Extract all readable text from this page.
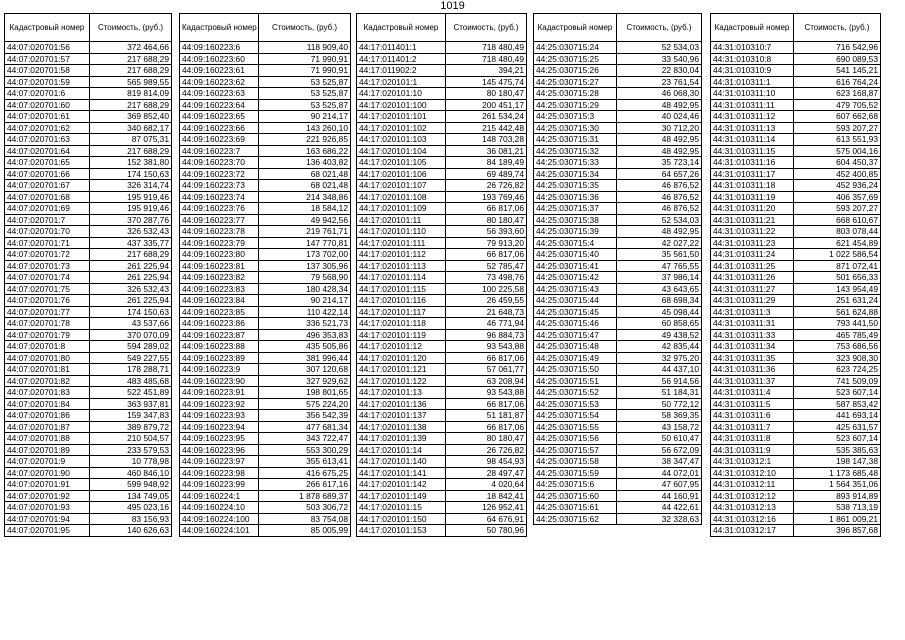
1019
Кадастровый номер	Стоимость, (руб.)
44:07:020701:56	372 464,66
44:07:020701:57	217 688,29
44:07:020701:58	217 688,29
44:07:020701:59	565 989,55
44:07:020701:6	819 814,09
44:07:020701:60	217 688,29
44:07:020701:61	369 852,40
44:07:020701:62	340 682,17
44:07:020701:63	87 075,31
44:07:020701:64	217 688,29
44:07:020701:65	152 381,80
44:07:020701:66	174 150,63
44:07:020701:67	326 314,74
44:07:020701:68	195 919,46
44:07:020701:69	195 919,46
44:07:020701:7	370 287,76
44:07:020701:70	326 532,43
44:07:020701:71	437 335,77
44:07:020701:72	217 688,29
44:07:020701:73	261 225,94
44:07:020701:74	261 225,94
44:07:020701:75	326 532,43
44:07:020701:76	261 225,94
44:07:020701:77	174 150,63
44:07:020701:78	43 537,66
44:07:020701:79	370 070,09
44:07:020701:8	594 289,02
44:07:020701:80	549 227,55
44:07:020701:81	178 288,71
44:07:020701:82	483 485,68
44:07:020701:83	522 451,89
44:07:020701:84	363 937,81
44:07:020701:86	159 347,83
44:07:020701:87	389 879,72
44:07:020701:88	210 504,57
44:07:020701:89	233 579,53
44:07:020701:9	10 778,98
44:07:020701:90	460 846,10
44:07:020701:91	599 948,92
44:07:020701:92	134 749,05
44:07:020701:93	495 023,16
44:07:020701:94	83 156,93
44:07:020701:95	140 626,63
Кадастровый номер	Стоимость, (руб.)
44:09:160223:6	118 909,40
44:09:160223:60	71 990,91
44:09:160223:61	71 990,91
44:09:160223:62	53 525,87
44:09:160223:63	53 525,87
44:09:160223:64	53 525,87
44:09:160223:65	90 214,17
44:09:160223:66	143 260,10
44:09:160223:69	221 926,85
44:09:160223:7	163 686,22
44:09:160223:70	136 403,82
44:09:160223:72	68 021,48
44:09:160223:73	68 021,48
44:09:160223:74	214 348,86
44:09:160223:76	18 584,12
44:09:160223:77	49 942,56
44:09:160223:78	219 761,71
44:09:160223:79	147 770,81
44:09:160223:80	173 702,00
44:09:160223:81	137 305,96
44:09:160223:82	79 568,90
44:09:160223:83	180 428,34
44:09:160223:84	90 214,17
44:09:160223:85	110 422,14
44:09:160223:86	336 521,73
44:09:160223:87	496 353,83
44:09:160223:88	435 505,86
44:09:160223:89	381 996,44
44:09:160223:9	307 120,68
44:09:160223:90	327 929,62
44:09:160223:91	198 801,65
44:09:160223:92	575 224,20
44:09:160223:93	356 542,39
44:09:160223:94	477 681,34
44:09:160223:95	343 722,47
44:09:160223:96	553 300,29
44:09:160223:97	355 613,41
44:09:160223:98	416 675,25
44:09:160223:99	266 617,16
44:09:160224:1	1 878 689,37
44:09:160224:10	503 306,72
44:09:160224:100	83 754,08
44:09:160224:101	85 005,99
Кадастровый номер	Стоимость, (руб.)
44:17:011401:1	718 480,49
44:17:011401:2	718 480,49
44:17:011902:2	394,21
44:17:020101:1	145 475,74
44:17:020101:10	80 180,47
44:17:020101:100	200 451,17
44:17:020101:101	261 534,24
44:17:020101:102	215 442,48
44:17:020101:103	148 703,28
44:17:020101:104	36 081,21
44:17:020101:105	84 189,49
44:17:020101:106	69 489,74
44:17:020101:107	26 726,82
44:17:020101:108	193 769,46
44:17:020101:109	66 817,06
44:17:020101:11	80 180,47
44:17:020101:110	56 393,60
44:17:020101:111	79 913,20
44:17:020101:112	66 817,06
44:17:020101:113	52 785,47
44:17:020101:114	73 498,76
44:17:020101:115	100 225,58
44:17:020101:116	26 459,55
44:17:020101:117	21 648,73
44:17:020101:118	46 771,94
44:17:020101:119	96 884,73
44:17:020101:12	93 543,88
44:17:020101:120	66 817,06
44:17:020101:121	57 061,77
44:17:020101:122	63 208,94
44:17:020101:13	93 543,88
44:17:020101:136	66 817,06
44:17:020101:137	51 181,87
44:17:020101:138	66 817,06
44:17:020101:139	80 180,47
44:17:020101:14	26 726,82
44:17:020101:140	98 454,93
44:17:020101:141	28 497,47
44:17:020101:142	4 020,64
44:17:020101:149	18 842,41
44:17:020101:15	126 952,41
44:17:020101:150	64 676,91
44:17:020101:153	50 780,96
Кадастровый номер	Стоимость, (руб.)
44:25:030715:24	52 534,03
44:25:030715:25	33 540,96
44:25:030715:26	22 830,04
44:25:030715:27	23 761,54
44:25:030715:28	46 068,30
44:25:030715:29	48 492,95
44:25:030715:3	40 024,46
44:25:030715:30	30 712,20
44:25:030715:31	48 492,95
44:25:030715:32	48 492,95
44:25:030715:33	35 723,14
44:25:030715:34	64 657,26
44:25:030715:35	46 876,52
44:25:030715:36	46 876,52
44:25:030715:37	46 876,52
44:25:030715:38	52 534,03
44:25:030715:39	48 492,95
44:25:030715:4	42 027,22
44:25:030715:40	35 561,50
44:25:030715:41	47 765,55
44:25:030715:42	37 986,14
44:25:030715:43	43 643,65
44:25:030715:44	68 698,34
44:25:030715:45	45 098,44
44:25:030715:46	60 858,65
44:25:030715:47	49 438,52
44:25:030715:48	42 835,44
44:25:030715:49	32 975,20
44:25:030715:50	44 437,10
44:25:030715:51	56 914,56
44:25:030715:52	51 184,31
44:25:030715:53	50 772,12
44:25:030715:54	58 369,35
44:25:030715:55	43 158,72
44:25:030715:56	50 610,47
44:25:030715:57	56 672,09
44:25:030715:58	38 347,47
44:25:030715:59	44 072,01
44:25:030715:6	47 607,95
44:25:030715:60	44 160,91
44:25:030715:61	44 422,61
44:25:030715:62	32 328,63
Кадастровый номер	Стоимость, (руб.)
44:31:010310:7	716 542,96
44:31:010310:8	690 089,53
44:31:010310:9	541 145,21
44:31:010311:1	616 764,24
44:31:010311:10	623 168,87
44:31:010311:11	479 705,52
44:31:010311:12	607 662,68
44:31:010311:13	593 207,27
44:31:010311:14	613 551,93
44:31:010311:15	575 004,16
44:31:010311:16	604 450,37
44:31:010311:17	452 400,85
44:31:010311:18	452 936,24
44:31:010311:19	406 357,69
44:31:010311:20	593 207,27
44:31:010311:21	668 610,67
44:31:010311:22	803 078,44
44:31:010311:23	621 454,89
44:31:010311:24	1 022 586,54
44:31:010311:25	871 072,41
44:31:010311:26	501 656,33
44:31:010311:27	143 954,49
44:31:010311:29	251 631,24
44:31:010311:3	561 624,88
44:31:010311:31	793 441,50
44:31:010311:33	465 785,49
44:31:010311:34	753 686,56
44:31:010311:35	323 908,30
44:31:010311:36	623 724,25
44:31:010311:37	741 509,09
44:31:010311:4	523 607,14
44:31:010311:5	587 853,42
44:31:010311:6	441 693,14
44:31:010311:7	425 631,57
44:31:010311:8	523 607,14
44:31:010311:9	535 385,63
44:31:010312:1	198 147,38
44:31:010312:10	1 173 685,48
44:31:010312:11	1 564 351,06
44:31:010312:12	893 914,89
44:31:010312:13	538 713,19
44:31:010312:16	1 861 009,21
44:31:010312:17	396 857,68
